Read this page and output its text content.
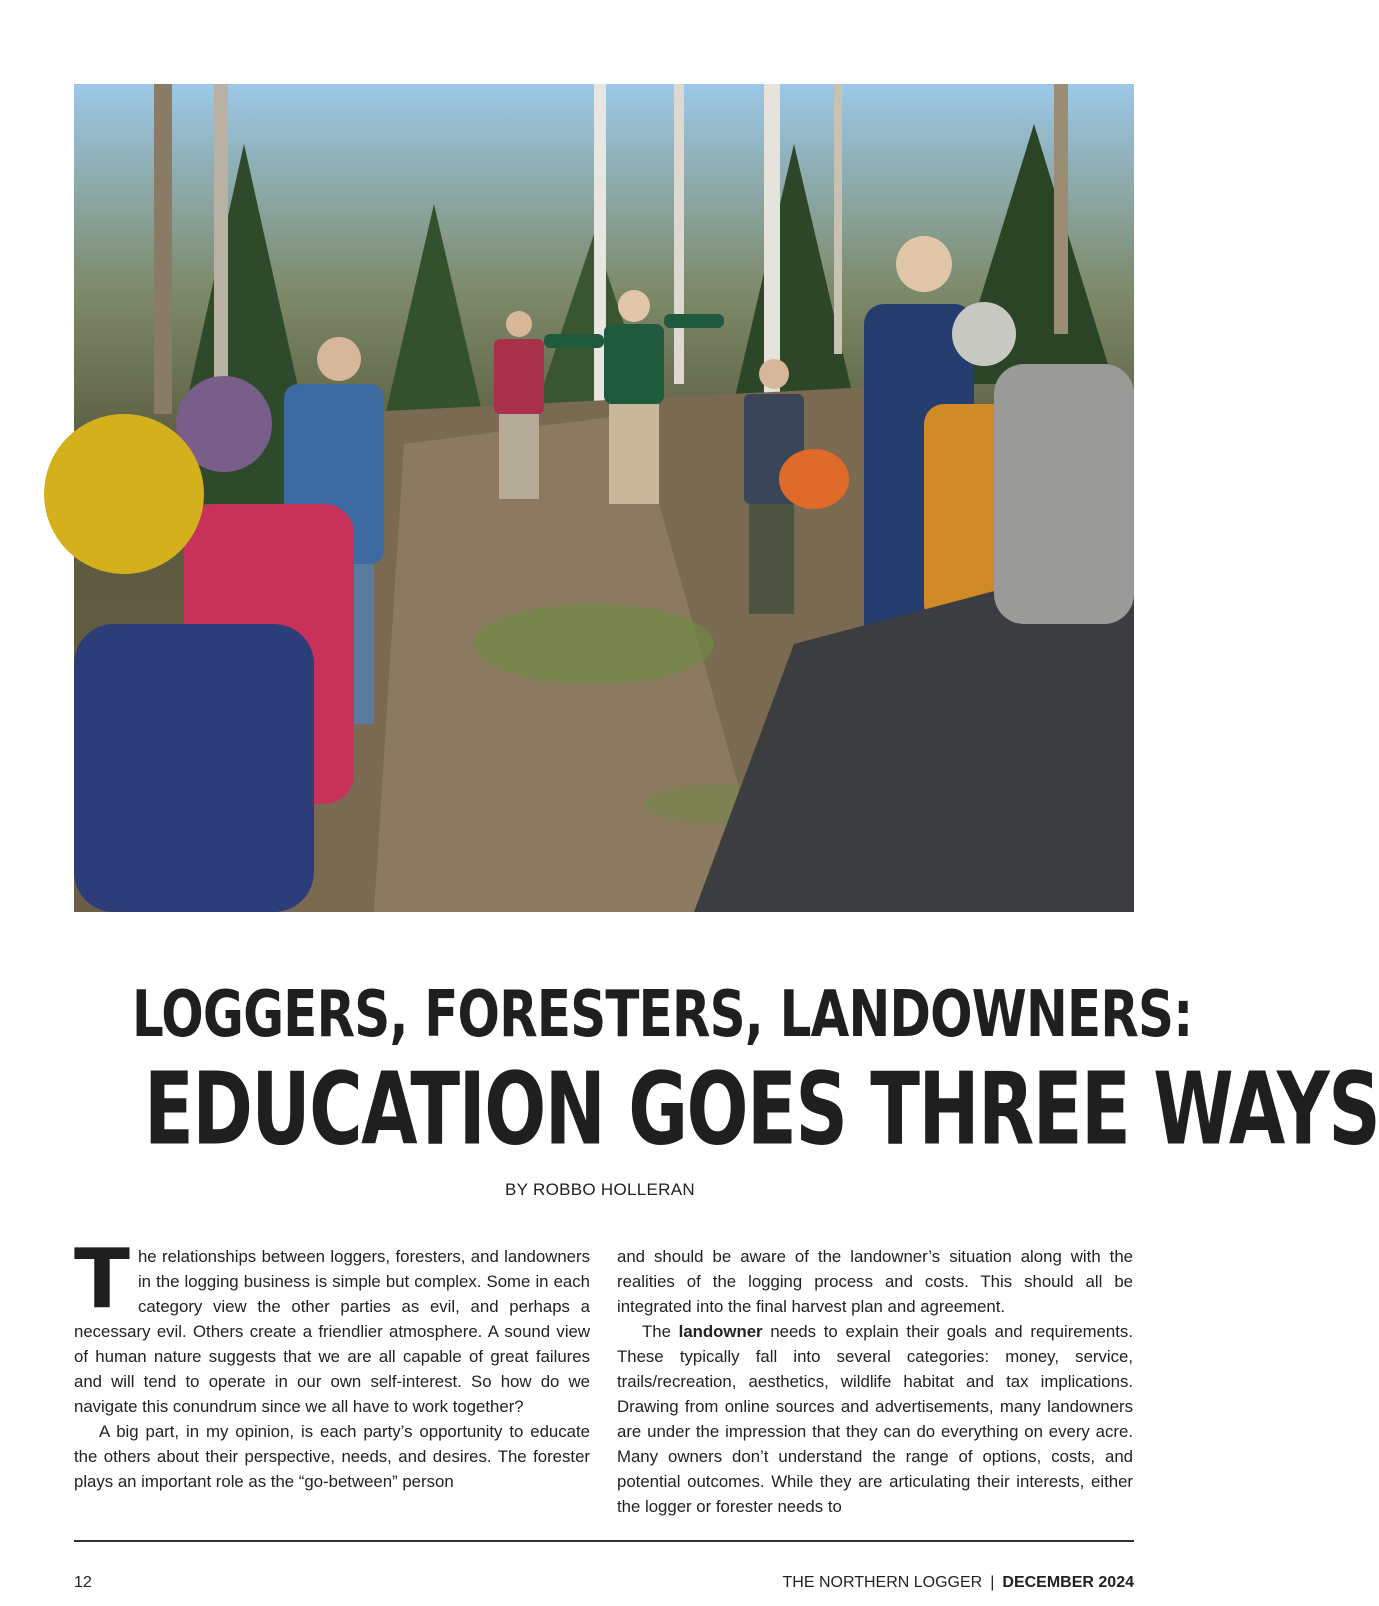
LOGGERS, FORESTERS, LANDOWNERS:
EDUCATION GOES THREE WAYS
BY ROBBO HOLLERAN

The relationships between loggers, foresters, and landowners in the logging business is simple but complex. Some in each category view the other parties as evil, and perhaps a necessary evil. Others create a friendlier atmosphere. A sound view of human nature suggests that we are all capable of great failures and will tend to operate in our own self-interest. So how do we navigate this conundrum since we all have to work together?

A big part, in my opinion, is each party’s opportunity to educate the others about their perspective, needs, and desires. The forester plays an important role as the “go-between” person

and should be aware of the landowner’s situation along with the realities of the logging process and costs. This should all be integrated into the final harvest plan and agreement.

The landowner needs to explain their goals and requirements. These typically fall into several categories: money, service, trails/recreation, aesthetics, wildlife habitat and tax implications. Drawing from online sources and advertisements, many landowners are under the impression that they can do everything on every acre. Many owners don’t understand the range of options, costs, and potential outcomes. While they are articulating their interests, either the logger or forester needs to

12	THE NORTHERN LOGGER | DECEMBER 2024
